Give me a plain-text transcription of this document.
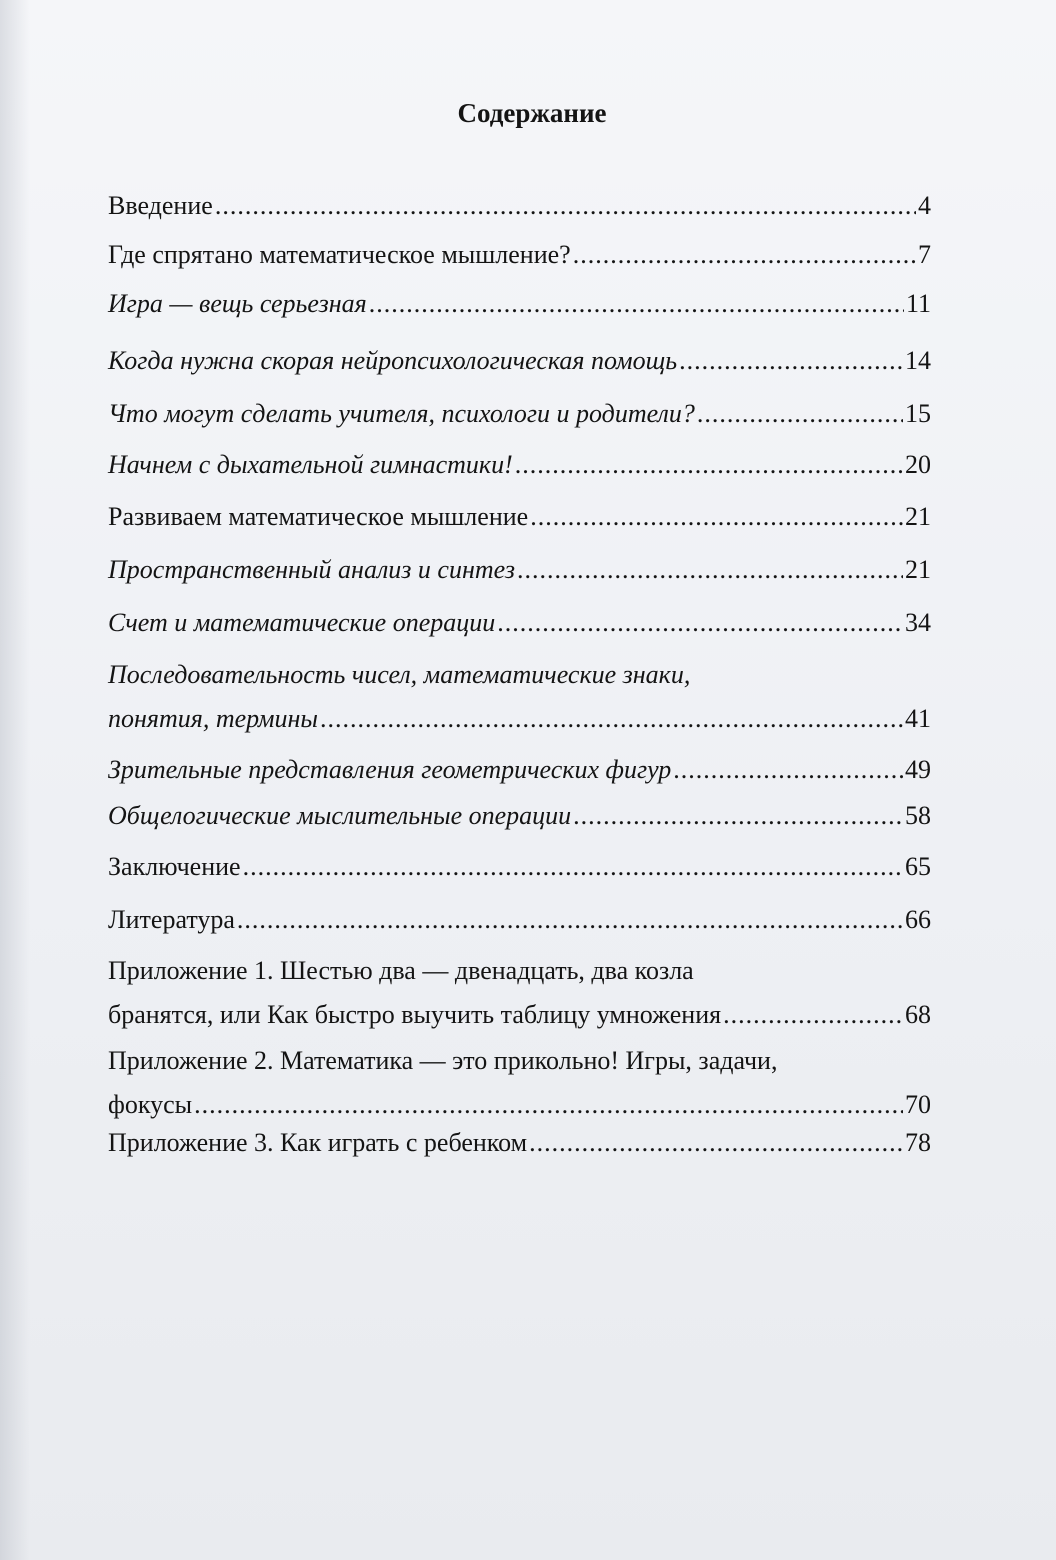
Содержание
Введение .....	4
Где спрятано математическое мышление? .....	7
Игра — вещь серьезная .....	11
Когда нужна скорая нейропсихологическая помощь .....	14
Что могут сделать учителя, психологи и родители? .....	15
Начнем с дыхательной гимнастики! .....	20
Развиваем математическое мышление .....	21
Пространственный анализ и синтез .....	21
Счет и математические операции .....	34
Последовательность чисел, математические знаки,
понятия, термины .....	41
Зрительные представления геометрических фигур .....	49
Общелогические мыслительные операции .....	58
Заключение .....	65
Литература .....	66
Приложение 1. Шестью два — двенадцать, два козла
бранятся, или Как быстро выучить таблицу умножения .....	68
Приложение 2. Математика — это прикольно! Игры, задачи,
фокусы .....	70
Приложение 3. Как играть с ребенком .....	78
